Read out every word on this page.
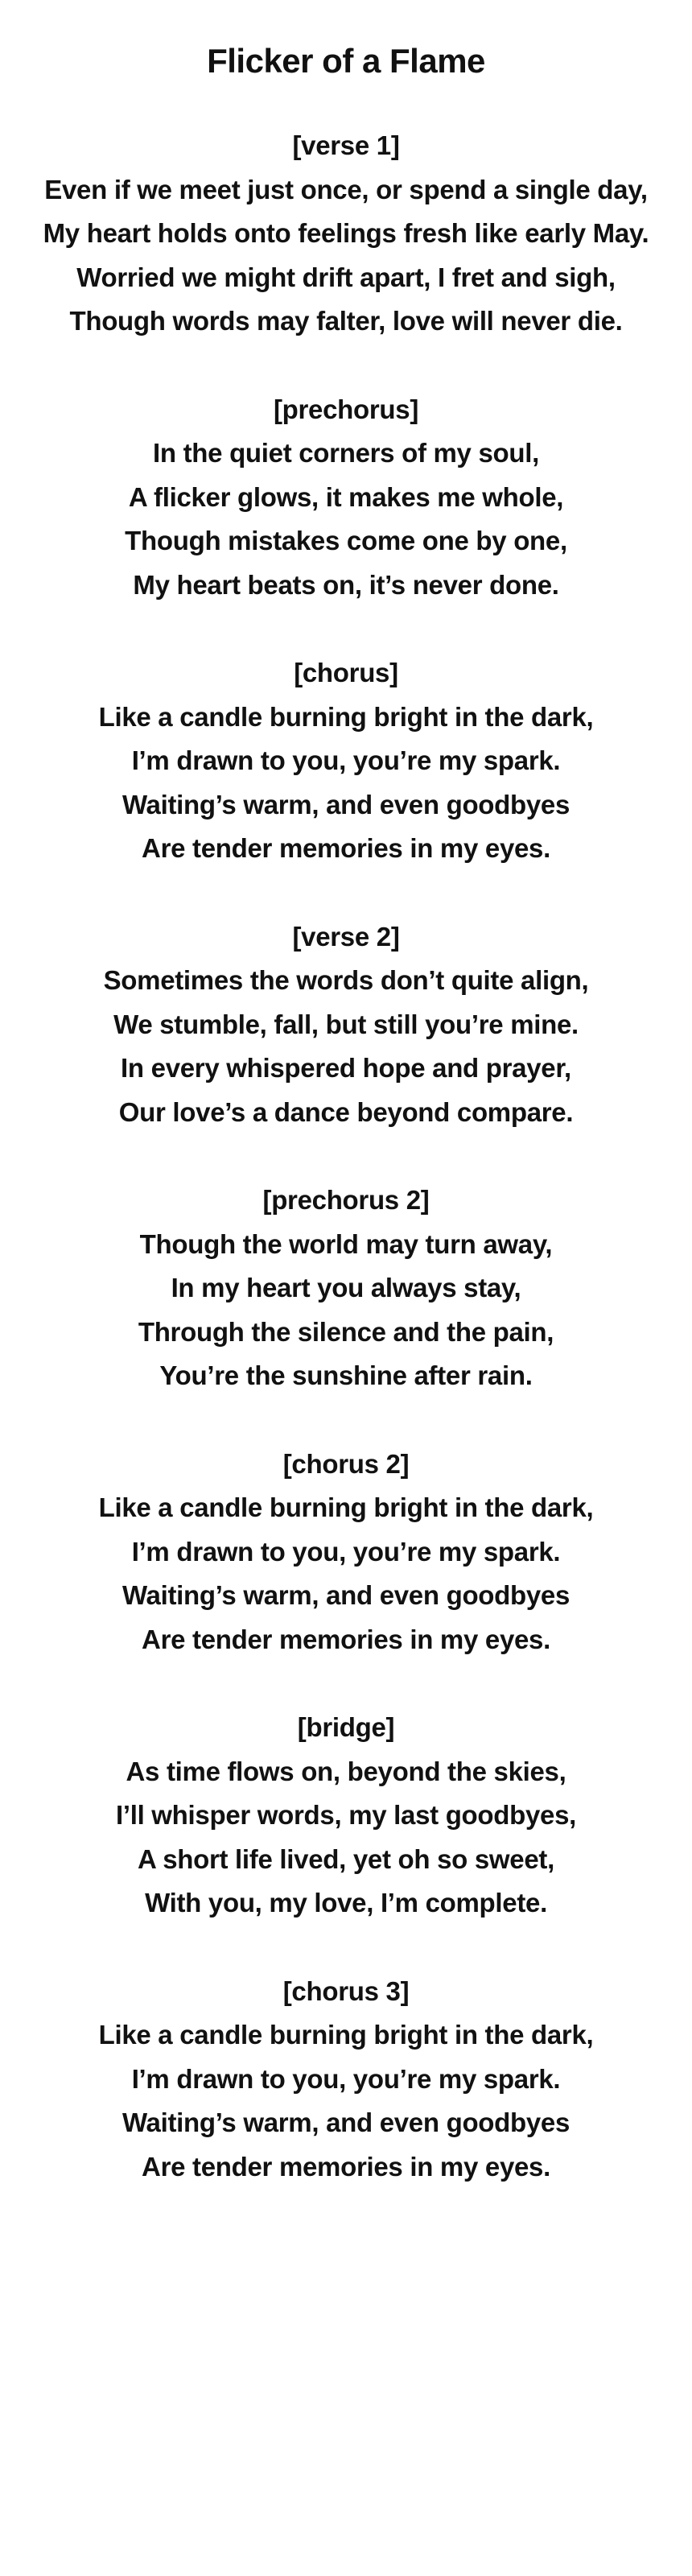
Flicker of a Flame

[verse 1]

Even if we meet just once, or spend a single day,

My heart holds onto feelings fresh like early May.

Worried we might drift apart, I fret and sigh,

Though words may falter, love will never die.

[prechorus]

In the quiet corners of my soul,

A flicker glows, it makes me whole,

Though mistakes come one by one,

My heart beats on, it’s never done.

[chorus]

Like a candle burning bright in the dark,

I’m drawn to you, you’re my spark.

Waiting’s warm, and even goodbyes

Are tender memories in my eyes.

[verse 2]

Sometimes the words don’t quite align,

We stumble, fall, but still you’re mine.

In every whispered hope and prayer,

Our love’s a dance beyond compare.

[prechorus 2]

Though the world may turn away,

In my heart you always stay,

Through the silence and the pain,

You’re the sunshine after rain.

[chorus 2]

Like a candle burning bright in the dark,

I’m drawn to you, you’re my spark.

Waiting’s warm, and even goodbyes

Are tender memories in my eyes.

[bridge]

As time flows on, beyond the skies,

I’ll whisper words, my last goodbyes,

A short life lived, yet oh so sweet,

With you, my love, I’m complete.

[chorus 3]

Like a candle burning bright in the dark,

I’m drawn to you, you’re my spark.

Waiting’s warm, and even goodbyes

Are tender memories in my eyes.
